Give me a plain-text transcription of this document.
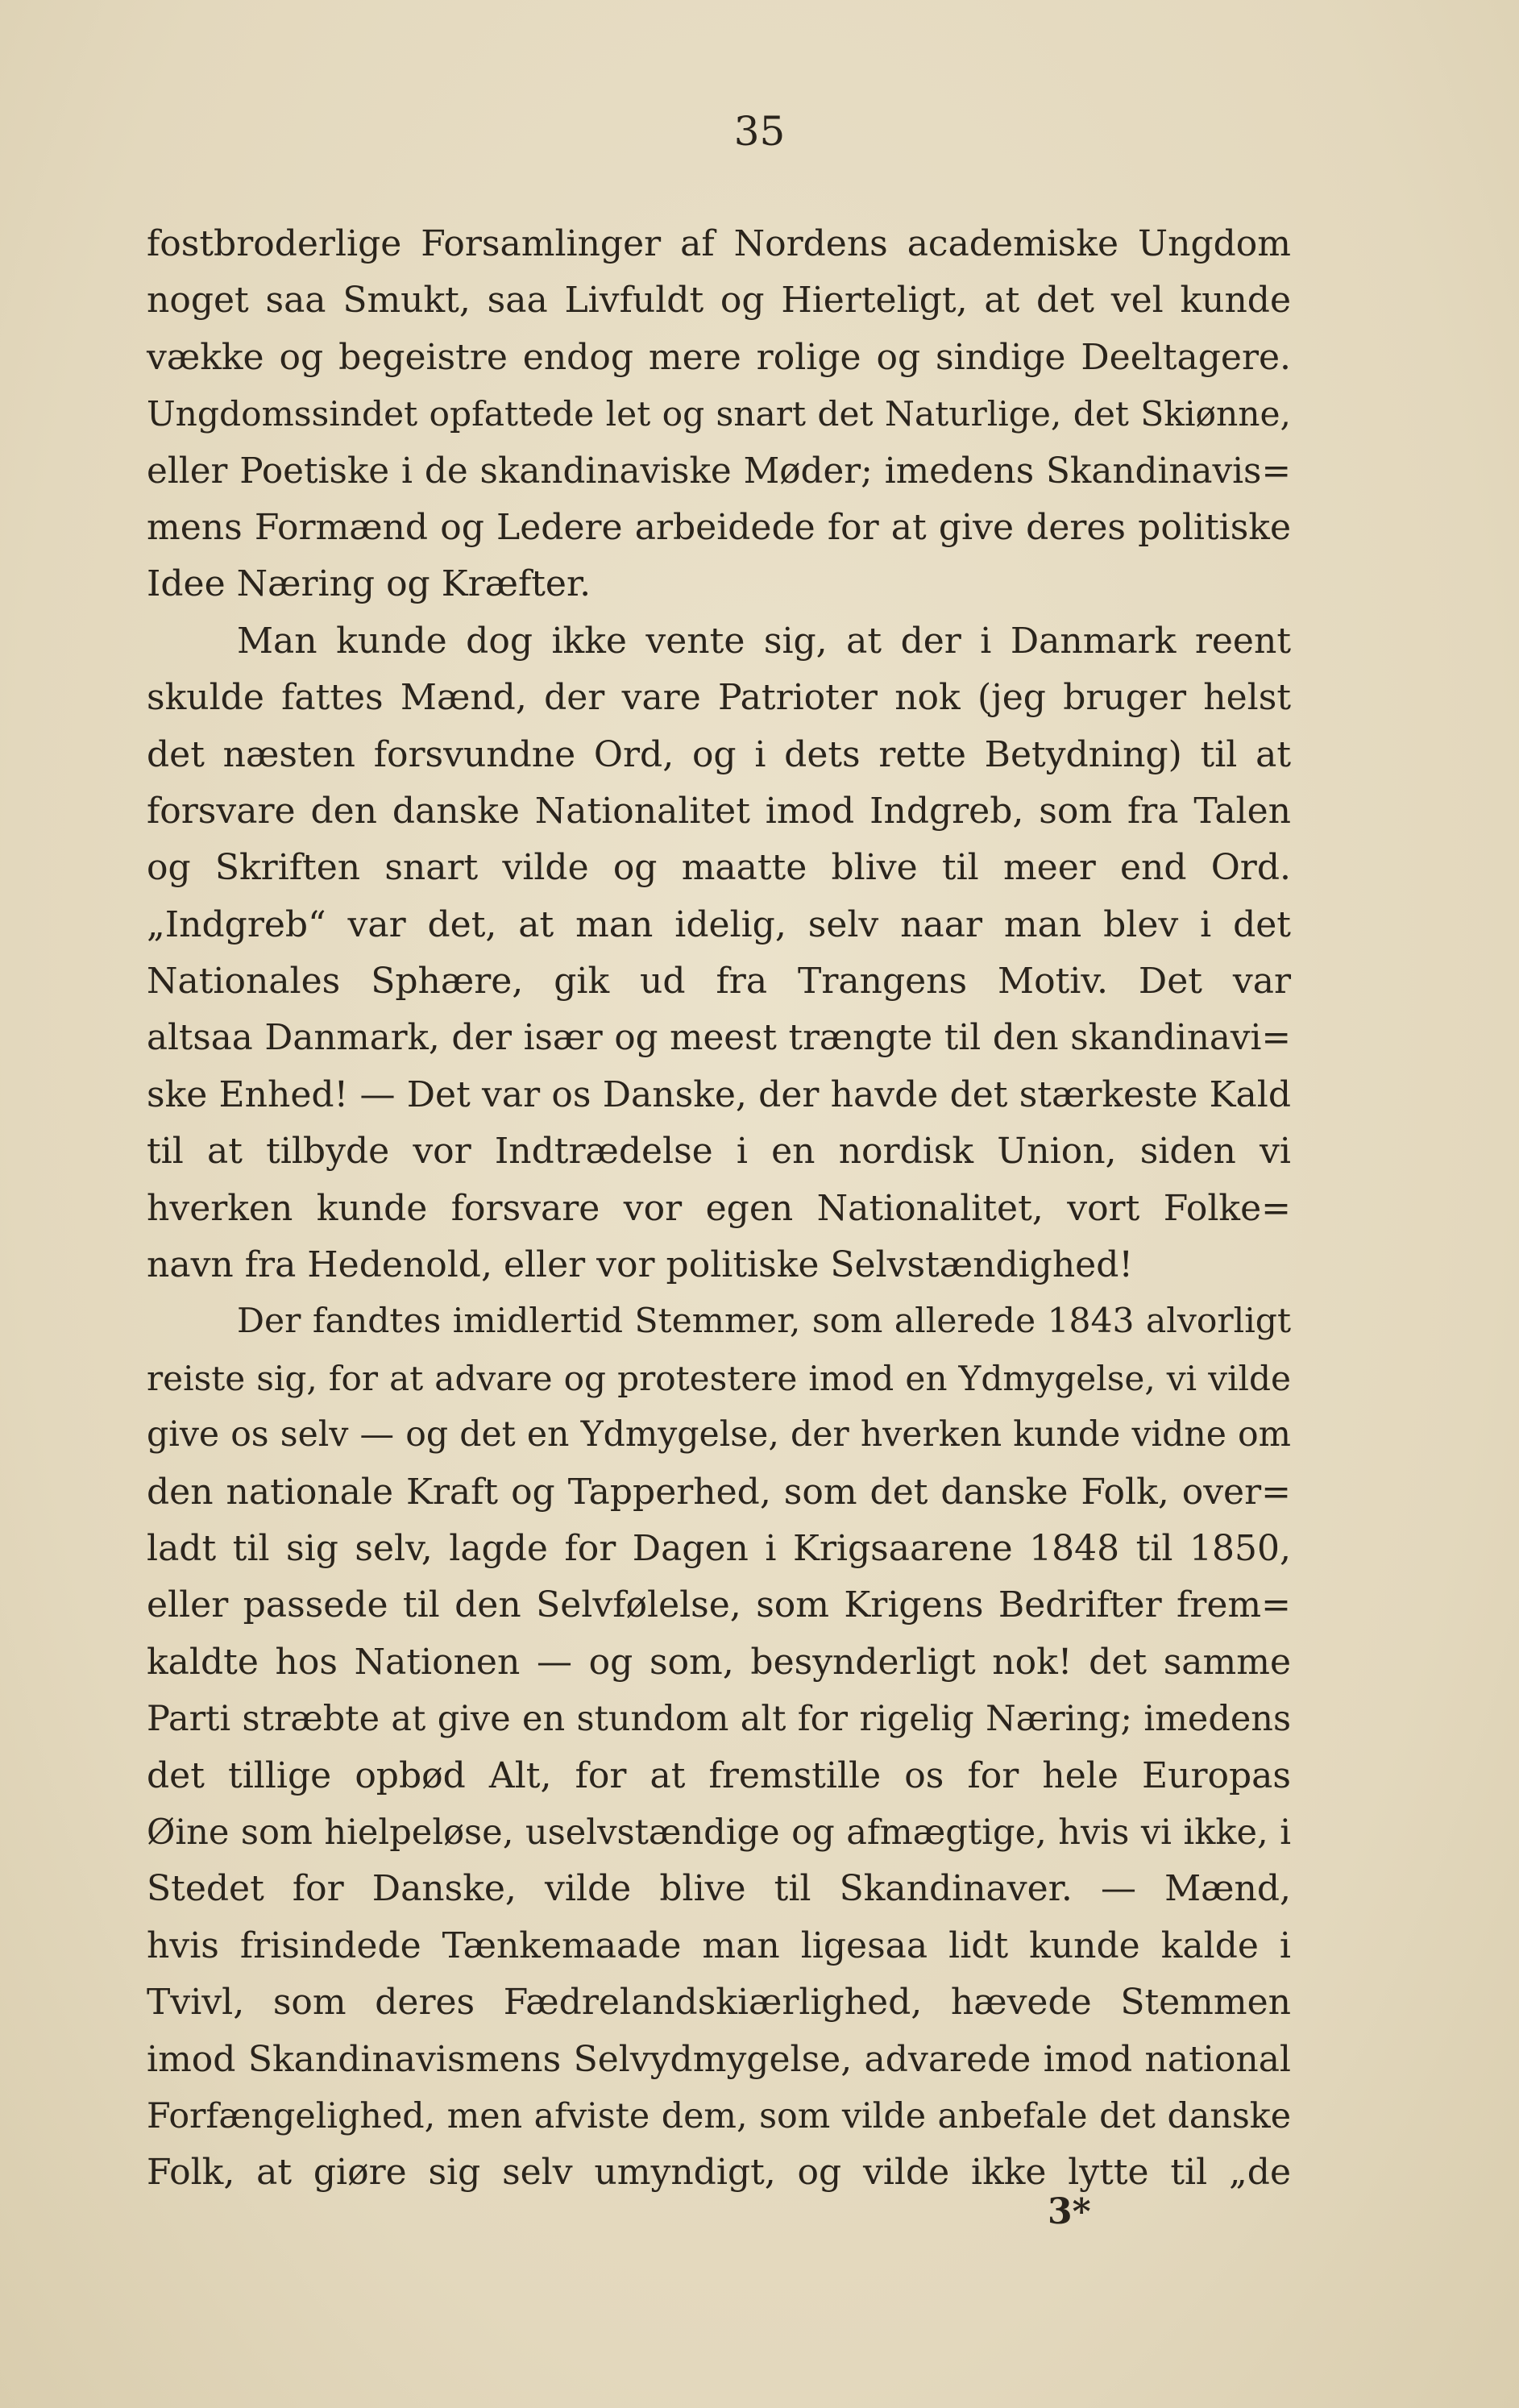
35
fostbroderlige Forsamlinger af Nordens academiske Ungdom
noget saa Smukt, saa Livfuldt og Hierteligt, at det vel kunde
vække og begeistre endog mere rolige og sindige Deeltagere.
Ungdomssindet opfattede let og snart det Naturlige, det Skiønne,
eller Poetiske i de skandinaviske Møder; imedens Skandinavis=
mens Formænd og Ledere arbeidede for at give deres politiske
Idee Næring og Kræfter.
Man kunde dog ikke vente sig, at der i Danmark reent
skulde fattes Mænd, der vare Patrioter nok (jeg bruger helst
det næsten forsvundne Ord, og i dets rette Betydning) til at
forsvare den danske Nationalitet imod Indgreb, som fra Talen
og Skriften snart vilde og maatte blive til meer end Ord.
„Indgreb“ var det, at man idelig, selv naar man blev i det
Nationales Sphære, gik ud fra Trangens Motiv. Det var
altsaa Danmark, der især og meest trængte til den skandinavi=
ske Enhed! — Det var os Danske, der havde det stærkeste Kald
til at tilbyde vor Indtrædelse i en nordisk Union, siden vi
hverken kunde forsvare vor egen Nationalitet, vort Folke=
navn fra Hedenold, eller vor politiske Selvstændighed!
Der fandtes imidlertid Stemmer, som allerede 1843 alvorligt
reiste sig, for at advare og protestere imod en Ydmygelse, vi vilde
give os selv — og det en Ydmygelse, der hverken kunde vidne om
den nationale Kraft og Tapperhed, som det danske Folk, over=
ladt til sig selv, lagde for Dagen i Krigsaarene 1848 til 1850,
eller passede til den Selvfølelse, som Krigens Bedrifter frem=
kaldte hos Nationen — og som, besynderligt nok! det samme
Parti stræbte at give en stundom alt for rigelig Næring; imedens
det tillige opbød Alt, for at fremstille os for hele Europas
Øine som hielpeløse, uselvstændige og afmægtige, hvis vi ikke, i
Stedet for Danske, vilde blive til Skandinaver. — Mænd,
hvis frisindede Tænkemaade man ligesaa lidt kunde kalde i
Tvivl, som deres Fædrelandskiærlighed, hævede Stemmen
imod Skandinavismens Selvydmygelse, advarede imod national
Forfængelighed, men afviste dem, som vilde anbefale det danske
Folk, at giøre sig selv umyndigt, og vilde ikke lytte til „de
3*
